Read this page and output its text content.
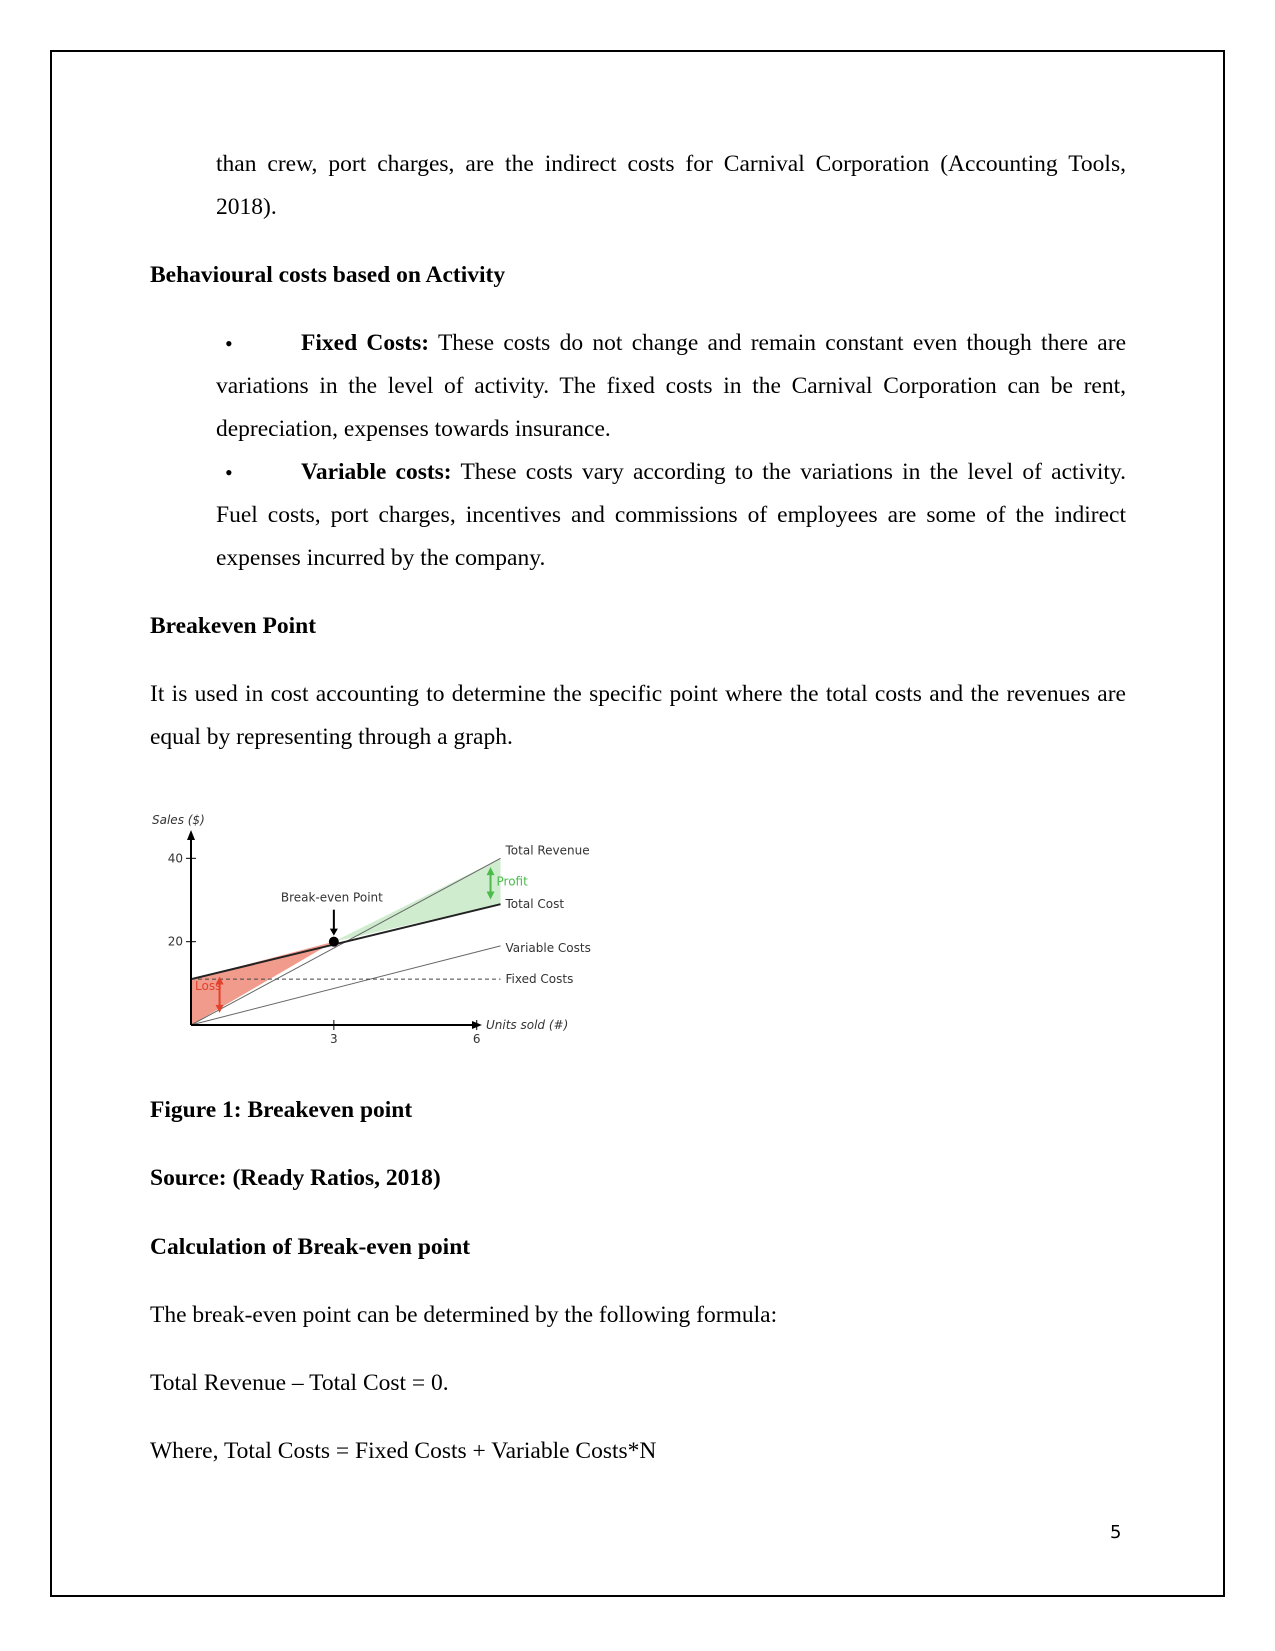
than crew, port charges, are the indirect costs for Carnival Corporation (Accounting Tools, 2018).
Behavioural costs based on Activity
•	Fixed Costs: These costs do not change and remain constant even though there are variations in the level of activity. The fixed costs in the Carnival Corporation can be rent, depreciation, expenses towards insurance.
•	Variable costs: These costs vary according to the variations in the level of activity. Fuel costs, port charges, incentives and commissions of employees are some of the indirect expenses incurred by the company.
Breakeven Point
It is used in cost accounting to determine the specific point where the total costs and the revenues are equal by representing through a graph.
Sales ($)
Units sold (#)
20
40
3	6
Break-even Point
Profit
Loss
Total Revenue
Total Cost
Variable Costs
Fixed Costs
Figure 1: Breakeven point
Source: (Ready Ratios, 2018)
Calculation of Break-even point
The break-even point can be determined by the following formula:
Total Revenue – Total Cost = 0.
Where, Total Costs = Fixed Costs + Variable Costs*N
5
